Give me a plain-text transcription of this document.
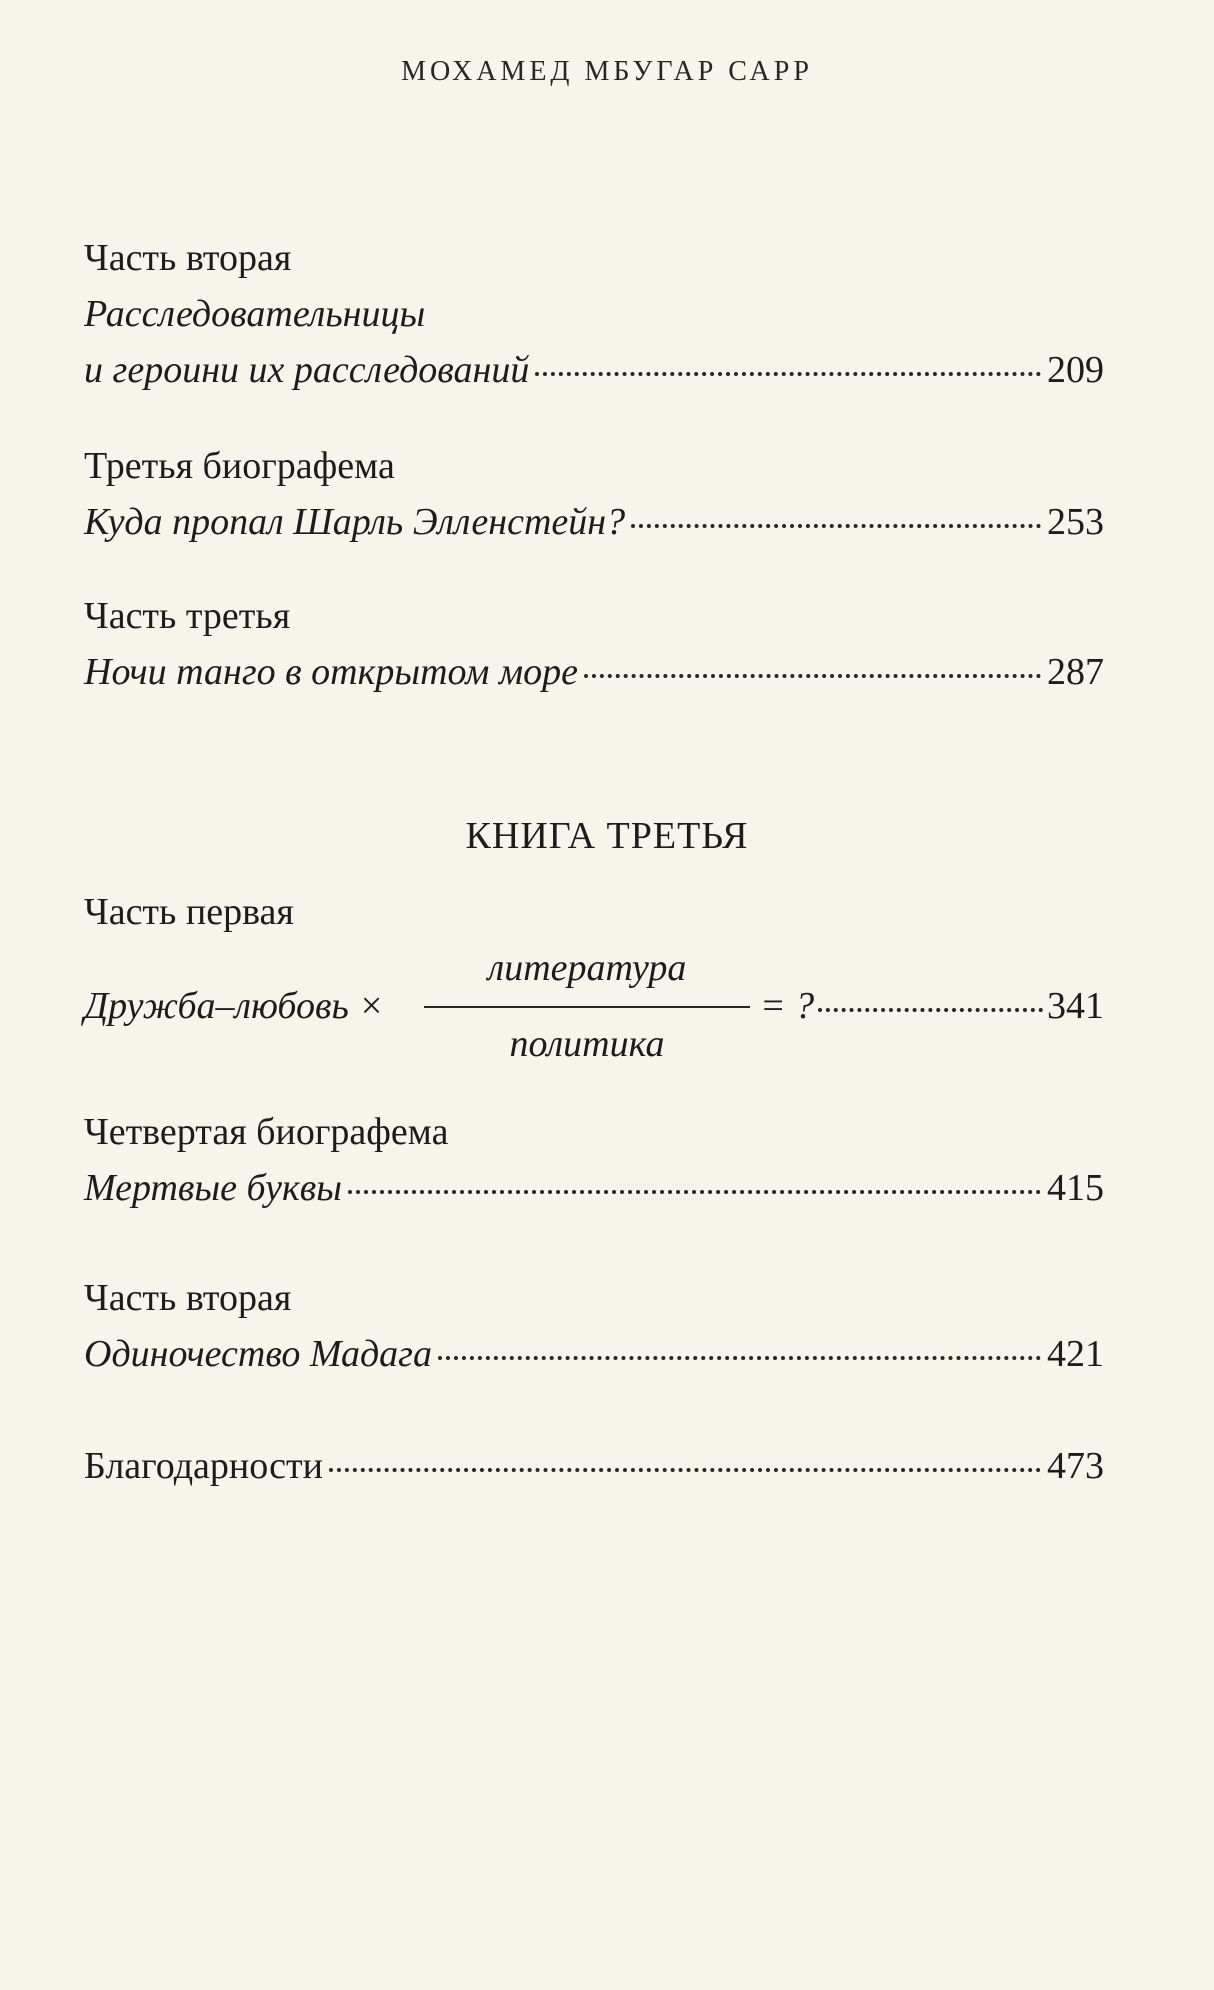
МОХАМЕД МБУГАР САРР
Часть вторая
Расследовательницы
и героини их расследований	209
Третья биографема
Куда пропал Шарль Элленстейн?	253
Часть третья
Ночи танго в открытом море	287
Часть первая
Дружба–любовь ×
литература
политика
= ?	341
Четвертая биографема
Мертвые буквы	415
Часть вторая
Одиночество Мадага	421
Благодарности	473
КНИГА ТРЕТЬЯ
